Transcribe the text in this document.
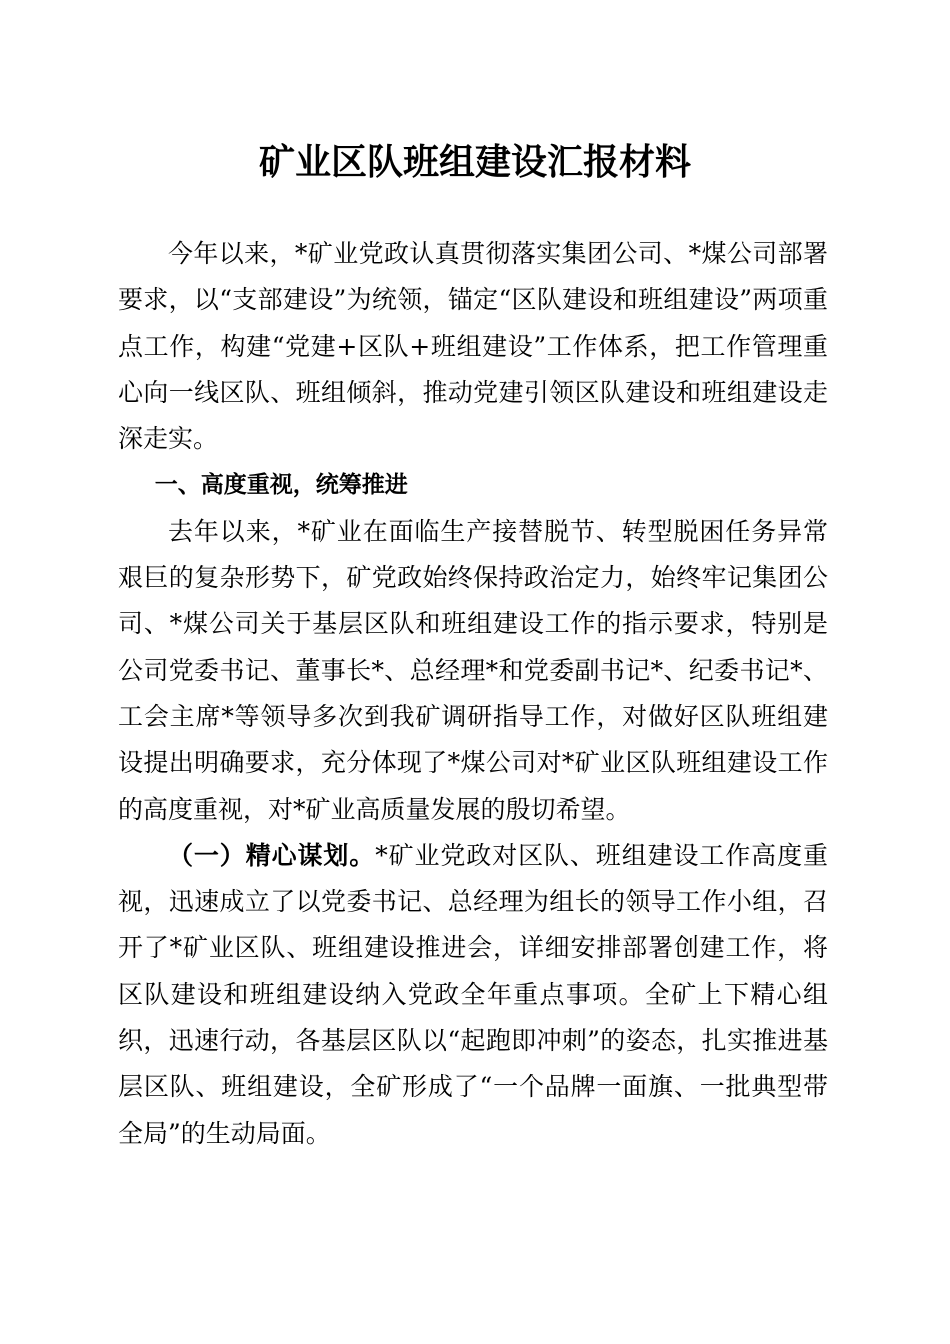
矿业区队班组建设汇报材料

今年以来，*矿业党政认真贯彻落实集团公司、*煤公司部署要求，以“支部建设”为统领，锚定“区队建设和班组建设”两项重点工作，构建“党建+区队+班组建设”工作体系，把工作管理重心向一线区队、班组倾斜，推动党建引领区队建设和班组建设走深走实。

一、高度重视，统筹推进

去年以来，*矿业在面临生产接替脱节、转型脱困任务异常艰巨的复杂形势下，矿党政始终保持政治定力，始终牢记集团公司、*煤公司关于基层区队和班组建设工作的指示要求，特别是公司党委书记、董事长*、总经理*和党委副书记*、纪委书记*、工会主席*等领导多次到我矿调研指导工作，对做好区队班组建设提出明确要求，充分体现了*煤公司对*矿业区队班组建设工作的高度重视，对*矿业高质量发展的殷切希望。

（一）精心谋划。*矿业党政对区队、班组建设工作高度重视，迅速成立了以党委书记、总经理为组长的领导工作小组，召开了*矿业区队、班组建设推进会，详细安排部署创建工作，将区队建设和班组建设纳入党政全年重点事项。全矿上下精心组织，迅速行动，各基层区队以“起跑即冲刺”的姿态，扎实推进基层区队、班组建设，全矿形成了“一个品牌一面旗、一批典型带全局”的生动局面。
